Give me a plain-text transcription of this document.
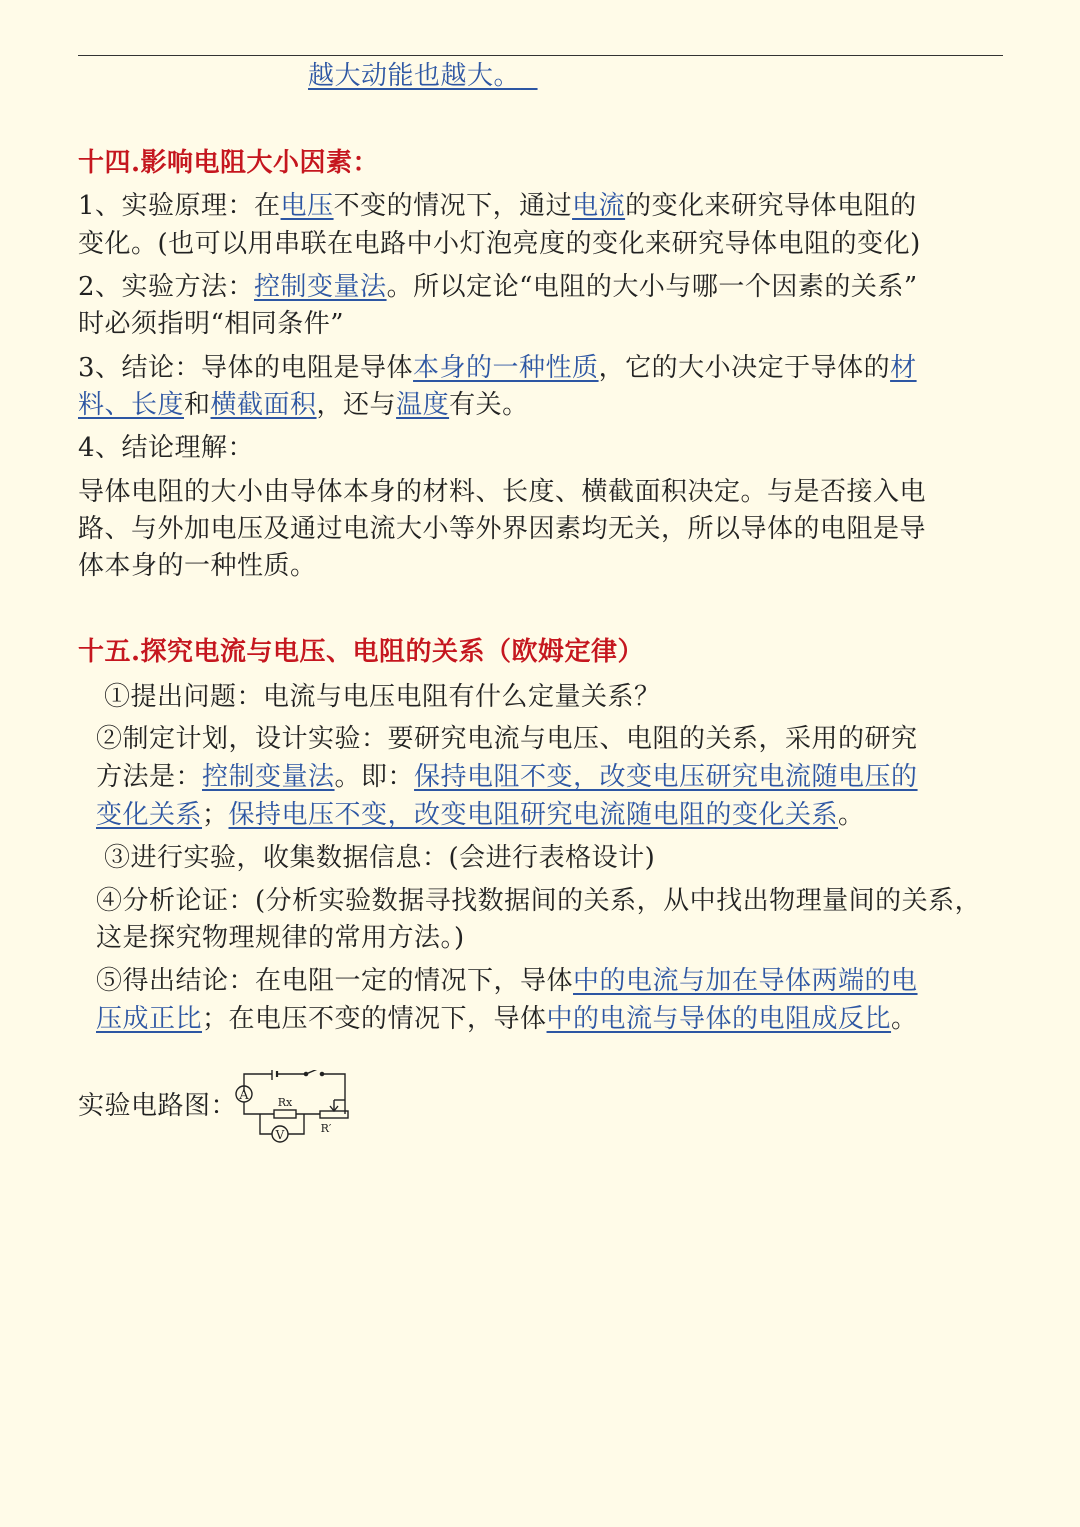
越大动能也越大。
十四.影响电阻大小因素：
1、实验原理：在电压不变的情况下，通过电流的变化来研究导体电阻的
变化。(也可以用串联在电路中小灯泡亮度的变化来研究导体电阻的变化)
2、实验方法：控制变量法。所以定论“电阻的大小与哪一个因素的关系”
时必须指明“相同条件”
3、结论：导体的电阻是导体本身的一种性质，它的大小决定于导体的材
料、长度和横截面积，还与温度有关。
4、结论理解：
导体电阻的大小由导体本身的材料、长度、横截面积决定。与是否接入电
路、与外加电压及通过电流大小等外界因素均无关，所以导体的电阻是导
体本身的一种性质。
十五.探究电流与电压、电阻的关系（欧姆定律）
①提出问题：电流与电压电阻有什么定量关系？
②制定计划，设计实验：要研究电流与电压、电阻的关系，采用的研究
方法是：控制变量法。即：保持电阻不变，改变电压研究电流随电压的
变化关系；保持电压不变，改变电阻研究电流随电阻的变化关系。
③进行实验，收集数据信息：(会进行表格设计)
④分析论证：(分析实验数据寻找数据间的关系，从中找出物理量间的关系，
这是探究物理规律的常用方法。)
⑤得出结论：在电阻一定的情况下，导体中的电流与加在导体两端的电
压成正比；在电压不变的情况下，导体中的电流与导体的电阻成反比。
实验电路图： A
V
Rx
R′
